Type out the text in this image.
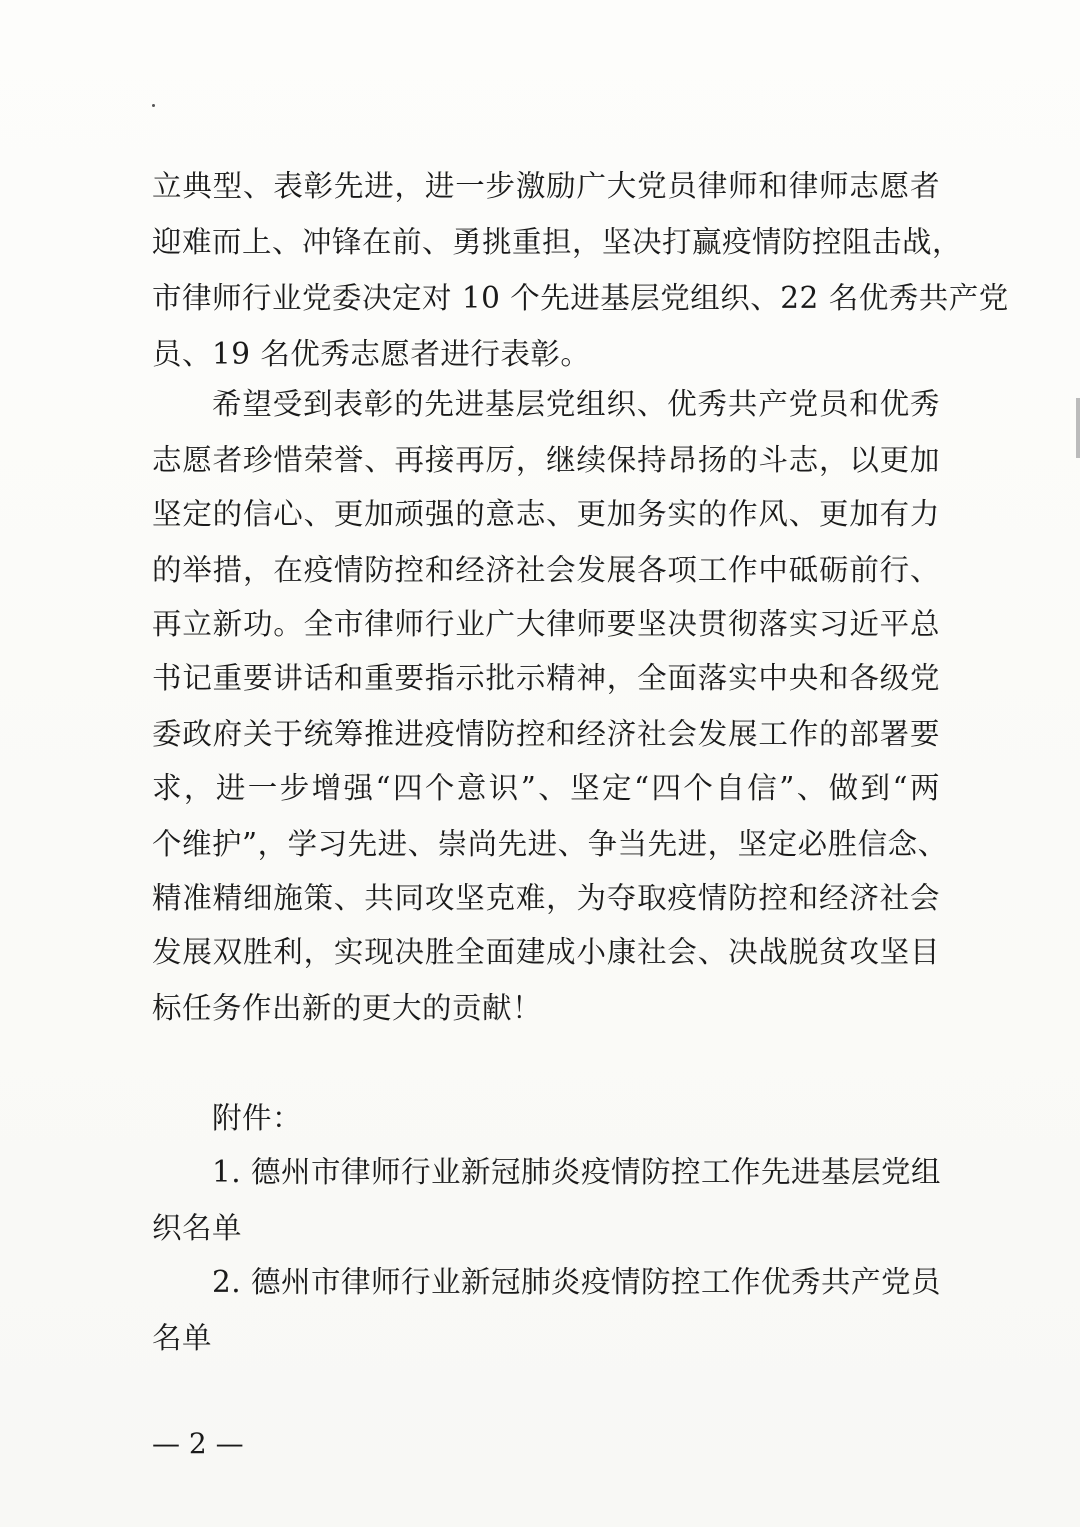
立典型、表彰先进，进一步激励广大党员律师和律师志愿者
迎难而上、冲锋在前、勇挑重担，坚决打赢疫情防控阻击战，
市律师行业党委决定对 10 个先进基层党组织、22 名优秀共产党
员、19 名优秀志愿者进行表彰。
希望受到表彰的先进基层党组织、优秀共产党员和优秀
志愿者珍惜荣誉、再接再厉，继续保持昂扬的斗志，以更加
坚定的信心、更加顽强的意志、更加务实的作风、更加有力
的举措，在疫情防控和经济社会发展各项工作中砥砺前行、
再立新功。全市律师行业广大律师要坚决贯彻落实习近平总
书记重要讲话和重要指示批示精神，全面落实中央和各级党
委政府关于统筹推进疫情防控和经济社会发展工作的部署要
求，进一步增强“四个意识”、坚定“四个自信”、做到“两
个维护”，学习先进、崇尚先进、争当先进，坚定必胜信念、
精准精细施策、共同攻坚克难，为夺取疫情防控和经济社会
发展双胜利，实现决胜全面建成小康社会、决战脱贫攻坚目
标任务作出新的更大的贡献！
附件：
1. 德州市律师行业新冠肺炎疫情防控工作先进基层党组
织名单
2. 德州市律师行业新冠肺炎疫情防控工作优秀共产党员
名单
— 2 —
